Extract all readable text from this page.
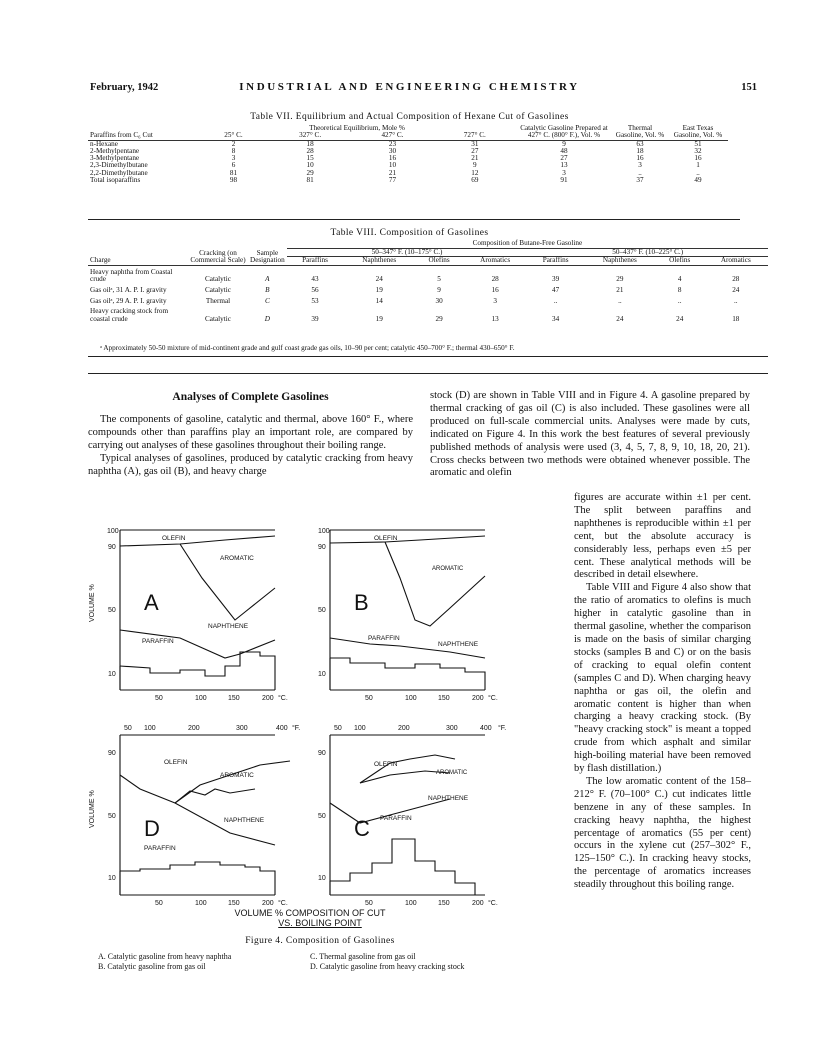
February, 1942	INDUSTRIAL AND ENGINEERING CHEMISTRY	151
Table VII. Equilibrium and Actual Composition of Hexane Cut of Gasolines
	Theoretical Equilibrium, Mole %				Catalytic Gasoline Prepared at 427° C. (800° F.), Vol. %	Thermal Gasoline, Vol. %	East Texas Gasoline, Vol. %
Paraffins from C₆ Cut	25° C.	327° C.	427° C.	727° C.			
n-Hexane	2	18	23	31	9	63	51
2-Methylpentane	8	28	30	27	48	18	32
3-Methylpentane	3	15	16	21	27	16	16
2,3-Dimethylbutane	6	10	10	9	13	3	1
2,2-Dimethylbutane	81	29	21	12	3	..	..
Total isoparaffins	98	81	77	69	91	37	49
Table VIII. Composition of Gasolines
Charge	Cracking (on Commercial Scale)	Sample Designation	Composition of Butane-Free Gasoline							
			50–347° F. (10–175° C.)				50–437° F. (10–225° C.)			
			Paraffins	Naphthenes	Olefins	Aromatics	Paraffins	Naphthenes	Olefins	Aromatics
Heavy naphtha from Coastal crude	Catalytic	A	43	24	5	28	39	29	4	28
Gas oilᵃ, 31 A. P. I. gravity	Catalytic	B	56	19	9	16	47	21	8	24
Gas oilᵃ, 29 A. P. I. gravity	Thermal	C	53	14	30	3	..	..	..	..
Heavy cracking stock from coastal crude	Catalytic	D	39	19	29	13	34	24	24	18
ᵃ Approximately 50-50 mixture of mid-continent grade and gulf coast grade gas oils, 10–90 per cent; catalytic 450–700° F.; thermal 430–650° F.
Analyses of Complete Gasolines

The components of gasoline, catalytic and thermal, above 160° F., where compounds other than paraffins play an important role, are compared by carrying out analyses of these gasolines throughout their boiling range.

Typical analyses of gasolines, produced by catalytic cracking from heavy naphtha (A), gas oil (B), and heavy charge

stock (D) are shown in Table VIII and in Figure 4. A gasoline prepared by thermal cracking of gas oil (C) is also included. These gasolines were all produced on full-scale commercial units. Analyses were made by cuts, indicated on Figure 4. In this work the best features of several previously published methods of analysis were used (3, 4, 5, 7, 8, 9, 10, 18, 20, 21). Cross checks between two methods were obtained whenever possible. The aromatic and olefin

figures are accurate within ±1 per cent. The split between paraffins and naphthenes is reproducible within ±1 per cent, but the absolute accuracy is considerably less, perhaps even ±5 per cent. These analytical methods will be described in detail elsewhere.

Table VIII and Figure 4 also show that the ratio of aromatics to olefins is much higher in catalytic gasoline than in thermal gasoline, whether the comparison is made on the basis of similar charging stocks (samples B and C) or on the basis of cracking to equal olefin content (samples C and D). When charging heavy naphtha or gas oil, the olefin and aromatic content is higher than when charging a heavy cracking stock. (By "heavy cracking stock" is meant a topped crude from which asphalt and similar high-boiling material have been removed by flash distillation.)

The low aromatic content of the 158–212° F. (70–100° C.) cut indicates little benzene in any of these samples. In cracking heavy naphtha, the highest percentage of aromatics (55 per cent) occurs in the xylene cut (257–302° F., 125–150° C.). In cracking heavy stocks, the percentage of aromatics increases steadily throughout this boiling range.

100
90
50
10
100
90
50
10
90
50
10
90
50
10
VOLUME %
VOLUME %
50	100	150	200 °C.	50	100	150	200 °C.
50 100	200	300	400 °F.	50 100	200	300	400 °F.
50	100	150	200 °C.	50	100	150	200 °C.
OLEFIN
AROMATIC
NAPHTHENE
PARAFFIN
OLEFIN
AROMATIC
NAPHTHENE
PARAFFIN
OLEFIN
AROMATIC
NAPHTHENE
PARAFFIN
OLEFIN
AROMATIC
NAPHTHENE
PARAFFIN
A	B
D	C
VOLUME % COMPOSITION OF CUT
VS. BOILING POINT
Figure 4. Composition of Gasolines
A. Catalytic gasoline from heavy naphtha
B. Catalytic gasoline from gas oil
C. Thermal gasoline from gas oil
D. Catalytic gasoline from heavy cracking stock
